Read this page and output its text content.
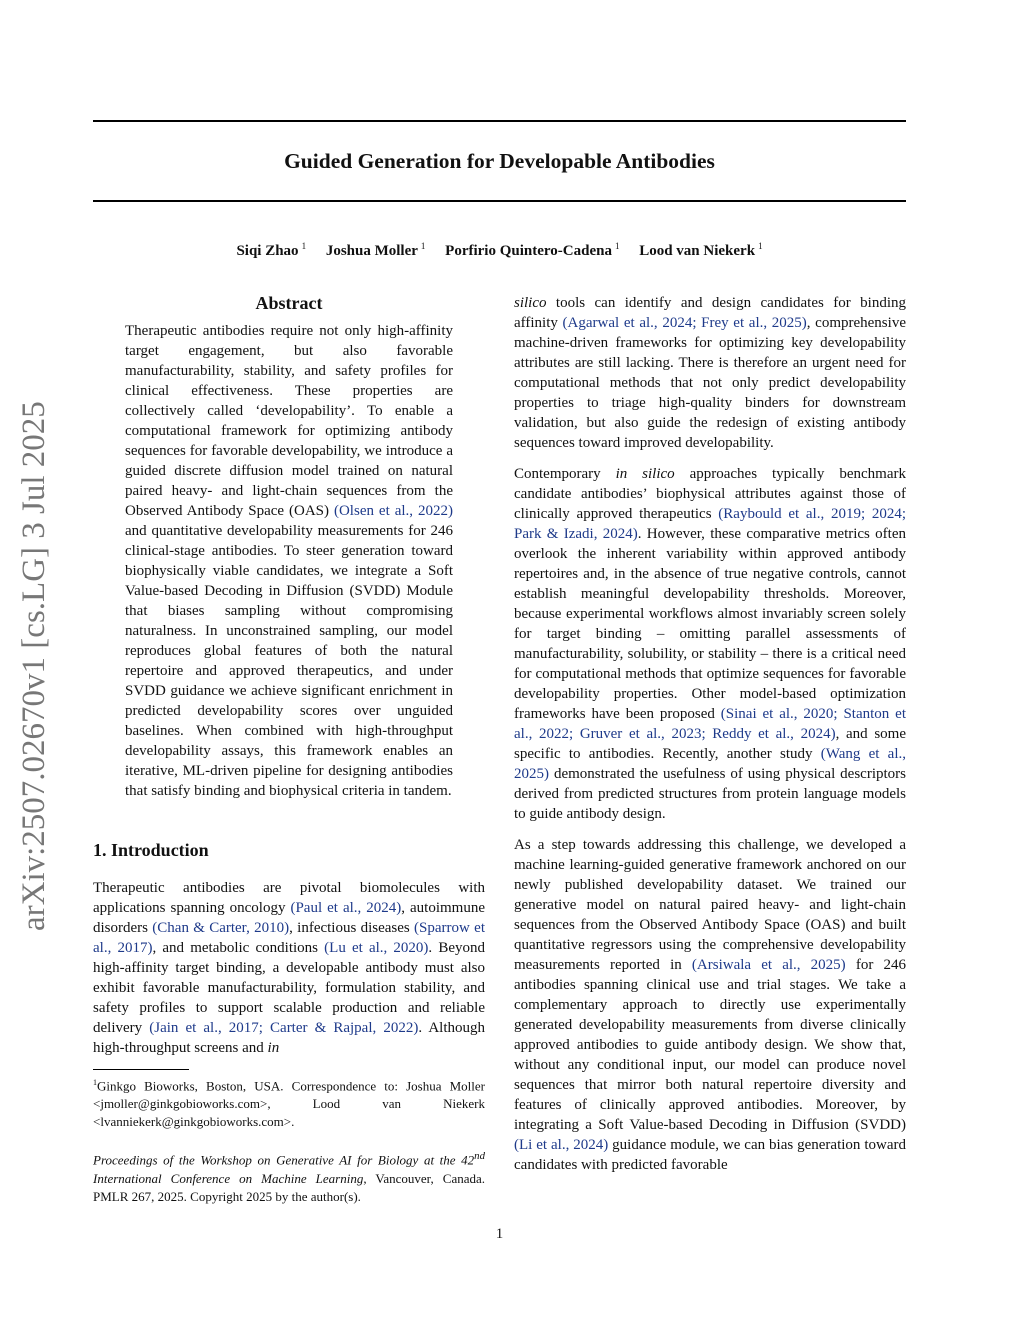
Guided Generation for Developable Antibodies
Siqi Zhao $^1$ Joshua Moller $^1$ Porfirio Quintero-Cadena $^1$ Lood van Niekerk $^1$
arXiv:2507.02670v1 [cs.LG] 3 Jul 2025
Abstract

Therapeutic antibodies require not only high-affinity target engagement, but also favorable manufacturability, stability, and safety profiles for clinical effectiveness. These properties are collectively called ‘developability’. To enable a computational framework for optimizing antibody sequences for favorable developability, we introduce a guided discrete diffusion model trained on natural paired heavy- and light-chain sequences from the Observed Antibody Space (OAS) (Olsen et al., 2022) and quantitative developability measurements for 246 clinical-stage antibodies. To steer generation toward biophysically viable candidates, we integrate a Soft Value-based Decoding in Diffusion (SVDD) Module that biases sampling without compromising naturalness. In unconstrained sampling, our model reproduces global features of both the natural repertoire and approved therapeutics, and under SVDD guidance we achieve significant enrichment in predicted developability scores over unguided baselines. When combined with high-throughput developability assays, this framework enables an iterative, ML-driven pipeline for designing antibodies that satisfy binding and biophysical criteria in tandem.

1. Introduction

Therapeutic antibodies are pivotal biomolecules with applications spanning oncology (Paul et al., 2024), autoimmune disorders (Chan & Carter, 2010), infectious diseases (Sparrow et al., 2017), and metabolic conditions (Lu et al., 2020). Beyond high-affinity target binding, a developable antibody must also exhibit favorable manufacturability, formulation stability, and safety profiles to support scalable production and reliable delivery (Jain et al., 2017; Carter & Rajpal, 2022). Although high-throughput screens and in

$^1$Ginkgo Bioworks, Boston, USA. Correspondence to: Joshua Moller <jmoller@ginkgobioworks.com>, Lood van Niekerk <lvanniekerk@ginkgobioworks.com>.

Proceedings of the Workshop on Generative AI for Biology at the 42nd International Conference on Machine Learning, Vancouver, Canada. PMLR 267, 2025. Copyright 2025 by the author(s).

silico tools can identify and design candidates for binding affinity (Agarwal et al., 2024; Frey et al., 2025), comprehensive machine-driven frameworks for optimizing key developability attributes are still lacking. There is therefore an urgent need for computational methods that not only predict developability properties to triage high-quality binders for downstream validation, but also guide the redesign of existing antibody sequences toward improved developability.

Contemporary in silico approaches typically benchmark candidate antibodies’ biophysical attributes against those of clinically approved therapeutics (Raybould et al., 2019; 2024; Park & Izadi, 2024). However, these comparative metrics often overlook the inherent variability within approved antibody repertoires and, in the absence of true negative controls, cannot establish meaningful developability thresholds. Moreover, because experimental workflows almost invariably screen solely for target binding – omitting parallel assessments of manufacturability, solubility, or stability – there is a critical need for computational methods that optimize sequences for favorable developability properties. Other model-based optimization frameworks have been proposed (Sinai et al., 2020; Stanton et al., 2022; Gruver et al., 2023; Reddy et al., 2024), and some specific to antibodies. Recently, another study (Wang et al., 2025) demonstrated the usefulness of using physical descriptors derived from predicted structures from protein language models to guide antibody design.

As a step towards addressing this challenge, we developed a machine learning-guided generative framework anchored on our newly published developability dataset. We trained our generative model on natural paired heavy- and light-chain sequences from the Observed Antibody Space (OAS) and built quantitative regressors using the comprehensive developability measurements reported in (Arsiwala et al., 2025) for 246 antibodies spanning clinical use and trial stages. We take a complementary approach to directly use experimentally generated developability measurements from diverse clinically approved antibodies to guide antibody design. We show that, without any conditional input, our model can produce novel sequences that mirror both natural repertoire diversity and features of clinically approved antibodies. Moreover, by integrating a Soft Value-based Decoding in Diffusion (SVDD) (Li et al., 2024) guidance module, we can bias generation toward candidates with predicted favorable

1
